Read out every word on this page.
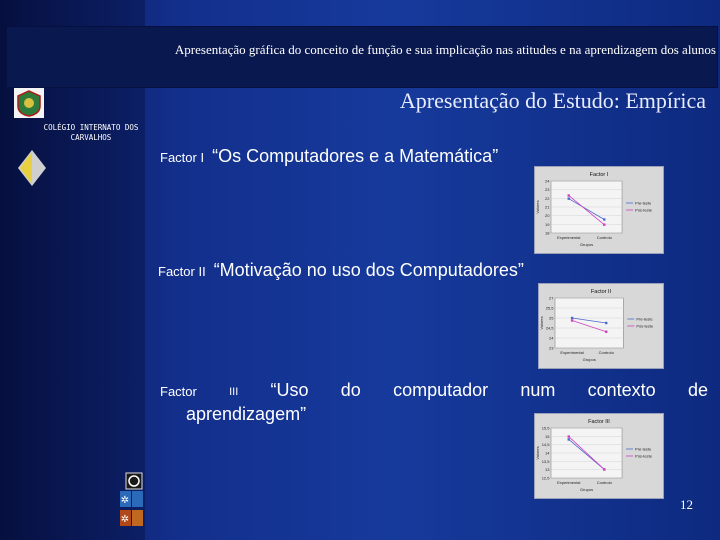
Apresentação gráfica do conceito de função e sua implicação nas atitudes e na aprendizagem dos alunos
COLÉGIO INTERNATO DOS CARVALHOS
Apresentação do Estudo: Empírica
Factor I “Os Computadores e a Matemática”
Factor II “Motivação no uso dos Computadores”
Factor	III “Uso do computador num contexto de
aprendizagem”
Factor I
24
23
22
21
20
19
18
Valores
Experimental	Controlo
Grupos
Pré-teste
Pós-teste
Factor II
27
25,5
25
24,5
24
23
Valores
Experimental	Controlo
Grupos
Pré-teste
Pós-teste
Factor III
15,5
15
14,5
14
13,5
13
12,5
Valores
Experimental	Controlo
Grupos
Pré-teste
Pós-teste
✲
✲
12
